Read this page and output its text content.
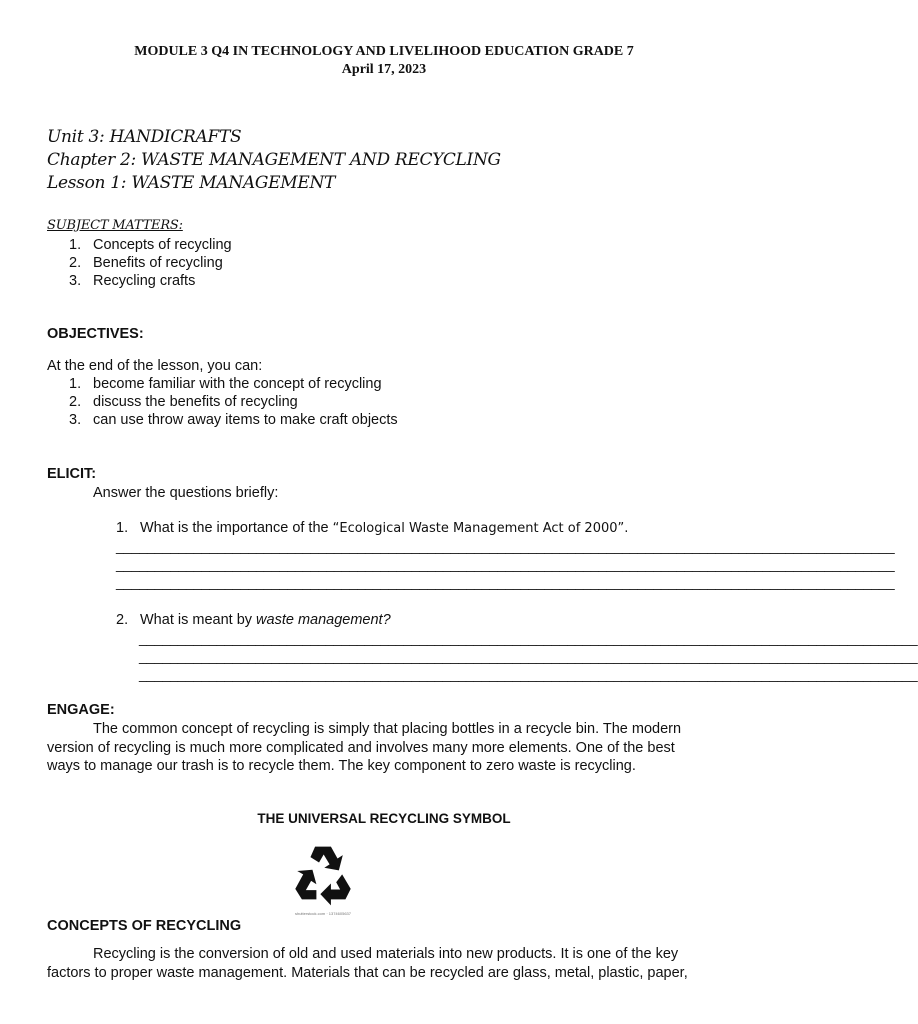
MODULE 3 Q4 IN TECHNOLOGY AND LIVELIHOOD EDUCATION GRADE 7
April 17, 2023
Unit 3: HANDICRAFTS
Chapter 2: WASTE MANAGEMENT AND RECYCLING
Lesson 1: WASTE MANAGEMENT
SUBJECT MATTERS:
1. Concepts of recycling
2. Benefits of recycling
3. Recycling crafts
OBJECTIVES:
At the end of the lesson, you can:
1. become familiar with the concept of recycling
2. discuss the benefits of recycling
3. can use throw away items to make craft objects
ELICIT:
Answer the questions briefly:
1. What is the importance of the “Ecological Waste Management Act of 2000”.
____________________________________________________________________________________________________
____________________________________________________________________________________________________
____________________________________________________________________________________________________
2. What is meant by waste management?
____________________________________________________________________________________________________
____________________________________________________________________________________________________
____________________________________________________________________________________________________
ENGAGE:
The common concept of recycling is simply that placing bottles in a recycle bin. The modern
version of recycling is much more complicated and involves many more elements. One of the best
ways to manage our trash is to recycle them. The key component to zero waste is recycling.
THE UNIVERSAL RECYCLING SYMBOL
shutterstock.com · 1374605637
CONCEPTS OF RECYCLING
Recycling is the conversion of old and used materials into new products. It is one of the key
factors to proper waste management. Materials that can be recycled are glass, metal, plastic, paper,
